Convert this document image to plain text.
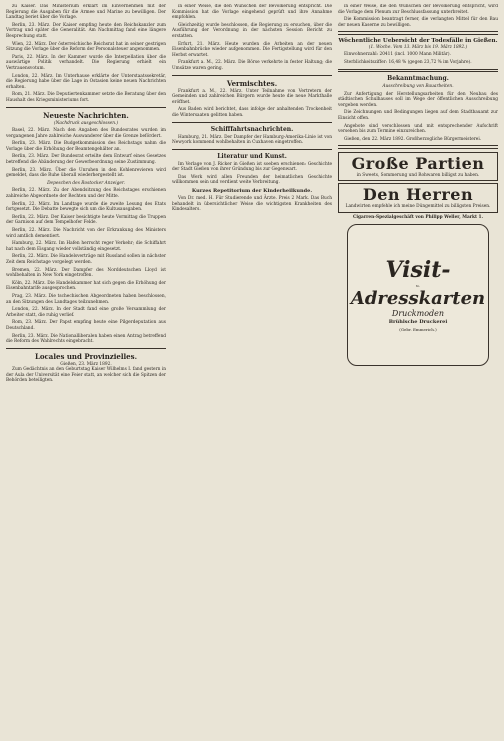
zu Kaiser. Das Ministerium erklärt im Einvernehmen mit der Regierung die Ausgaben für die Armee und Marine zu bewilligen. Der Landtag beriet über die Vorlage.

Berlin, 23. März. Der Kaiser empfing heute den Reichskanzler zum Vortrag und später die Generalität. Am Nachmittag fand eine längere Besprechung statt.

Wien, 22. März. Der österreichische Reichsrat hat in seiner gestrigen Sitzung die Vorlage über die Reform der Personalsteuer angenommen.

Paris, 22. März. In der Kammer wurde die Interpellation über die auswärtige Politik verhandelt. Die Regierung erhielt ein Vertrauensvotum.

London, 22. März. Im Unterhause erklärte der Unterstaatssekretär, die Regierung habe über die Lage in Ostasien keine neuen Nachrichten erhalten.

Rom, 21. März. Die Deputiertenkammer setzte die Beratung über den Haushalt des Kriegsministeriums fort.

Neueste Nachrichten.
(Nachdruck ausgeschlossen.)

Basel, 22. März. Nach den Angaben des Bundesrates wurden im vergangenen Jahre zahlreiche Auswanderer über die Grenze befördert.

Berlin, 23. März. Die Budgetkommission des Reichstags nahm die Vorlage über die Erhöhung der Beamtengehälter an.

Berlin, 23. März. Der Bundesrat erteilte dem Entwurf eines Gesetzes betreffend die Abänderung der Gewerbeordnung seine Zustimmung.

Berlin, 23. März. Über die Unruhen in den Kohlenrevieren wird gemeldet, dass die Ruhe überall wiederhergestellt ist.

Depeschen des Rostocker Anzeiger.

Berlin, 22. März. Zu der Abendsitzung des Reichstages erschienen zahlreiche Abgeordnete der Rechten und der Mitte.

Berlin, 22. März. Im Landtage wurde die zweite Lesung des Etats fortgesetzt. Die Debatte bewegte sich um die Kultusausgaben.

Berlin, 22. März. Der Kaiser besichtigte heute Vormittag die Truppen der Garnison auf dem Tempelhofer Felde.

Berlin, 22. März. Die Nachricht von der Erkrankung des Ministers wird amtlich dementiert.

Hamburg, 22. März. Im Hafen herrscht reger Verkehr; die Schiffahrt hat nach dem Eisgang wieder vollständig eingesetzt.

Berlin, 22. März. Die Handelsverträge mit Russland sollen in nächster Zeit dem Reichstage vorgelegt werden.

Bremen, 22. März. Der Dampfer des Norddeutschen Lloyd ist wohlbehalten in New York eingetroffen.

Köln, 22. März. Die Handelskammer hat sich gegen die Erhöhung der Eisenbahntarife ausgesprochen.

Prag, 23. März. Die tschechischen Abgeordneten haben beschlossen, an den Sitzungen des Landtages teilzunehmen.

London, 22. März. In der Stadt fand eine große Versammlung der Arbeiter statt, die ruhig verlief.

Rom, 23. März. Der Papst empfing heute eine Pilgerdeputation aus Deutschland.

Berlin, 23. März. Die Nationalliberalen haben einen Antrag betreffend die Reform des Wahlrechts eingebracht.

Locales und Provinzielles.
Gießen, 23. März 1892.

Zum Gedächtnis an den Geburtstag Kaiser Wilhelms I. fand gestern in der Aula der Universität eine Feier statt, an welcher sich die Spitzen der Behörden beteiligten.

in einer Weise, die den Wünschen der Bevölkerung entspricht. Die Kommission hat die Vorlage eingehend geprüft und ihre Annahme empfohlen.

Gleichzeitig wurde beschlossen, die Regierung zu ersuchen, über die Ausführung der Verordnung in der nächsten Session Bericht zu erstatten.

Erfurt, 21. März. Heute wurden die Arbeiten an der neuen Eisenbahnbrücke wieder aufgenommen. Die Fertigstellung wird für den Herbst erwartet.

Frankfurt a. M., 22. März. Die Börse verkehrte in fester Haltung; die Umsätze waren gering.

Vermischtes.

Frankfurt a. M., 22. März. Unter Teilnahme von Vertretern der Gemeinden und zahlreichen Bürgern wurde heute die neue Markthalle eröffnet.

Aus Baden wird berichtet, dass infolge der anhaltenden Trockenheit die Wintersaaten gelitten haben.

Schifffahrtsnachrichten.

Hamburg, 21. März. Der Dampfer der Hamburg-Amerika-Linie ist von Newyork kommend wohlbehalten in Cuxhaven eingetroffen.

Literatur und Kunst.

Im Verlage von J. Ricker in Gießen ist soeben erschienen: Geschichte der Stadt Gießen von ihrer Gründung bis zur Gegenwart.

Das Werk wird allen Freunden der heimatlichen Geschichte willkommen sein und verdient weite Verbreitung.

Kurzes Repetitorium der Kinderheilkunde.

Von Dr. med. H. Für Studierende und Ärzte. Preis 2 Mark. Das Buch behandelt in übersichtlicher Weise die wichtigsten Krankheiten des Kindesalters.

in einer Weise, die den Wünschen der Bevölkerung entspricht, wird die Vorlage dem Plenum zur Beschlussfassung unterbreitet.

Die Kommission beantragt ferner, die verlangten Mittel für den Bau der neuen Kaserne zu bewilligen.

Wöchentliche Uebersicht der Todesfälle in Gießen.
(1. Woche. Vom 13. März bis 19. März 1892.)

Einwohnerzahl: 20411 (incl. 1000 Mann Militär).

Sterblichkeitsziffer: 16,48 % (gegen 23,72 % im Vorjahre).

Bekanntmachung.
Ausschreibung von Bauarbeiten.

Zur Anfertigung der Herstellungsarbeiten für den Neubau des städtischen Schulhauses soll im Wege der öffentlichen Ausschreibung vergeben werden.

Die Zeichnungen und Bedingungen liegen auf dem Stadtbauamt zur Einsicht offen.

Angebote sind verschlossen und mit entsprechender Aufschrift versehen bis zum Termine einzureichen.

Gießen, den 22. März 1892. Großherzogliche Bürgermeisterei.

Große Partien
in Sweets, Sommerung und Rohwaren billigst zu haben.
Den Herren
Landwirten empfehle ich meine Düngemittel zu billigsten Preisen.
Cigarren-Spezialgeschäft von Philipp Weller, Markt 1.
Visit-
u.
Adresskarten
Druckmoden
Brühlsche Druckerei
(Gebr. Emmerich.)
